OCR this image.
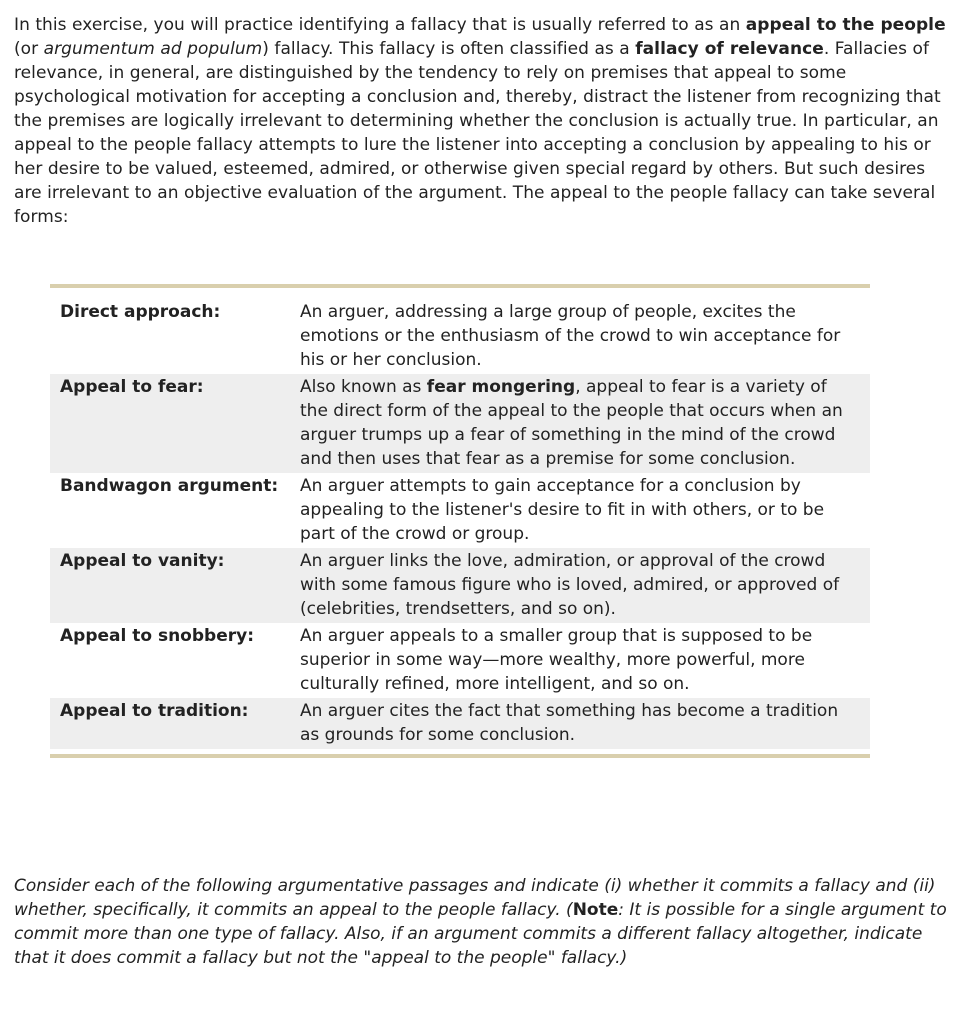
In this exercise, you will practice identifying a fallacy that is usually referred to as an appeal to the people (or argumentum ad populum) fallacy. This fallacy is often classified as a fallacy of relevance. Fallacies of relevance, in general, are distinguished by the tendency to rely on premises that appeal to some psychological motivation for accepting a conclusion and, thereby, distract the listener from recognizing that the premises are logically irrelevant to determining whether the conclusion is actually true. In particular, an appeal to the people fallacy attempts to lure the listener into accepting a conclusion by appealing to his or her desire to be valued, esteemed, admired, or otherwise given special regard by others. But such desires are irrelevant to an objective evaluation of the argument. The appeal to the people fallacy can take several forms:

Direct approach:	An arguer, addressing a large group of people, excites the emotions or the enthusiasm of the crowd to win acceptance for his or her conclusion.
Appeal to fear:	Also known as fear mongering, appeal to fear is a variety of the direct form of the appeal to the people that occurs when an arguer trumps up a fear of something in the mind of the crowd and then uses that fear as a premise for some conclusion.
Bandwagon argument:	An arguer attempts to gain acceptance for a conclusion by appealing to the listener's desire to fit in with others, or to be part of the crowd or group.
Appeal to vanity:	An arguer links the love, admiration, or approval of the crowd with some famous figure who is loved, admired, or approved of (celebrities, trendsetters, and so on).
Appeal to snobbery:	An arguer appeals to a smaller group that is supposed to be superior in some way—more wealthy, more powerful, more culturally refined, more intelligent, and so on.
Appeal to tradition:	An arguer cites the fact that something has become a tradition as grounds for some conclusion.

Consider each of the following argumentative passages and indicate (i) whether it commits a fallacy and (ii) whether, specifically, it commits an appeal to the people fallacy. (Note: It is possible for a single argument to commit more than one type of fallacy. Also, if an argument commits a different fallacy altogether, indicate that it does commit a fallacy but not the "appeal to the people" fallacy.)
